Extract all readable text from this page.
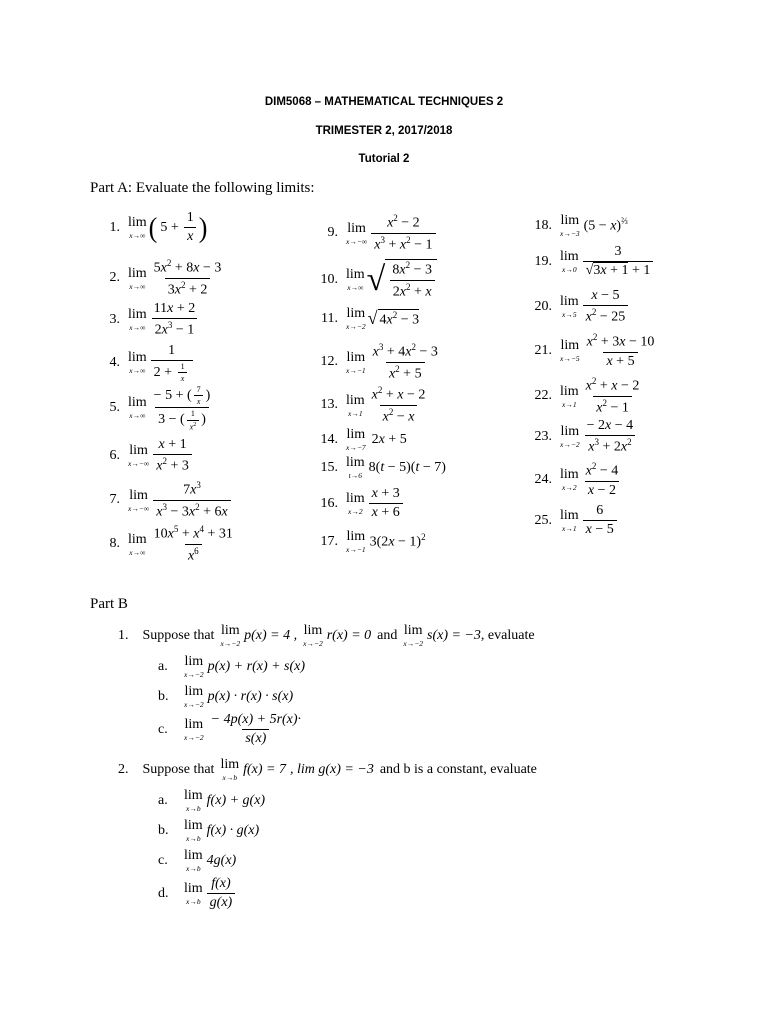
DIM5068 – MATHEMATICAL TECHNIQUES 2
TRIMESTER 2, 2017/2018
Tutorial 2
Part A: Evaluate the following limits:
1. lim
x→∞ ( $5 + \frac{1}{x}$ )
2. lim
$x\to\infty \frac{5x^2 + 8x - 3}{3x^2 + 2}$
3. lim
$x\to\infty \frac{11x + 2}{2x^3 - 1}$
4. lim
$x\to\infty \frac{1}{2 + \frac{1}{x}}$
5. lim
$x\to\infty \frac{- 5 + ( \frac{7}{x} )}{3 - ( \frac{1}{x^2} )}$
6. lim
$x\to-\infty \frac{x + 1}{x^2 + 3}$
7. lim
$x\to-\infty \frac{7x^3}{x^3 - 3x^2 + 6x}$
8. lim
$x\to\infty \frac{10x^5 + x^4 + 31}{x^6}$
9. lim
$x\to-\infty \frac{x^2 - 2}{x^3 + x^2 - 1}$
10. lim
x→∞ √ $\frac{8x^2 - 3}{2x^2 + x}$
11. lim
x→−2 √ $4x^2 - 3$
12. lim
$x\to-1 \frac{x^3 + 4x^2 - 3}{x^2 + 5}$
13. lim
$x\to 1 \frac{x^2 + x - 2}{x^2 - x}$
14. lim
x→−7
2x + 5
15. lim
t→6
8(t − 5)(t − 7)
16. lim
$x\to 2 \frac{x + 3}{x + 6}$
17. lim
x→−1 $3(2x - 1)^2$
18. lim
x→−3 $(5 - x)^{\frac{2}{3}}$
19. lim
$x\to 0 \frac{3}{√3x + 1 + 1}$
20. lim
$x\to 5 \frac{x - 5}{x^2 - 25}$
21. lim
$x\to-5 \frac{x^2 + 3x - 10}{x + 5}$
22. lim
$x\to 1 \frac{x^2 + x - 2}{x^2 - 1}$
23. lim
$x\to-2 \frac{- 2x - 4}{x^3 + 2x^2}$
24. lim
$x\to 2 \frac{x^2 - 4}{x - 2}$
25. lim
$x\to 1 \frac{6}{x - 5}$
Part B
1. Suppose that lim
x→−2
p(x) = 4 , lim
x→−2
r(x) = 0 and lim
x→−2
s(x) = −3 , evaluate
a.	lim
x→−2
p(x) + r(x) + s(x)
b.	lim
x→−2
p(x) · r(x) · s(x)
c.	lim
$x\to-2 \frac{- 4p(x) + 5r(x)\cdot}{s(x)}$
2. Suppose that lim
x→b
f(x) = 7 , lim g(x) = −3 and b is a constant, evaluate
a.	lim
x→b
f(x) + g(x)
b.	lim
x→b
f(x) · g(x)
c.	lim
x→b
4g(x)
d.	lim
$x\to b \frac{f(x)}{g(x)}$
